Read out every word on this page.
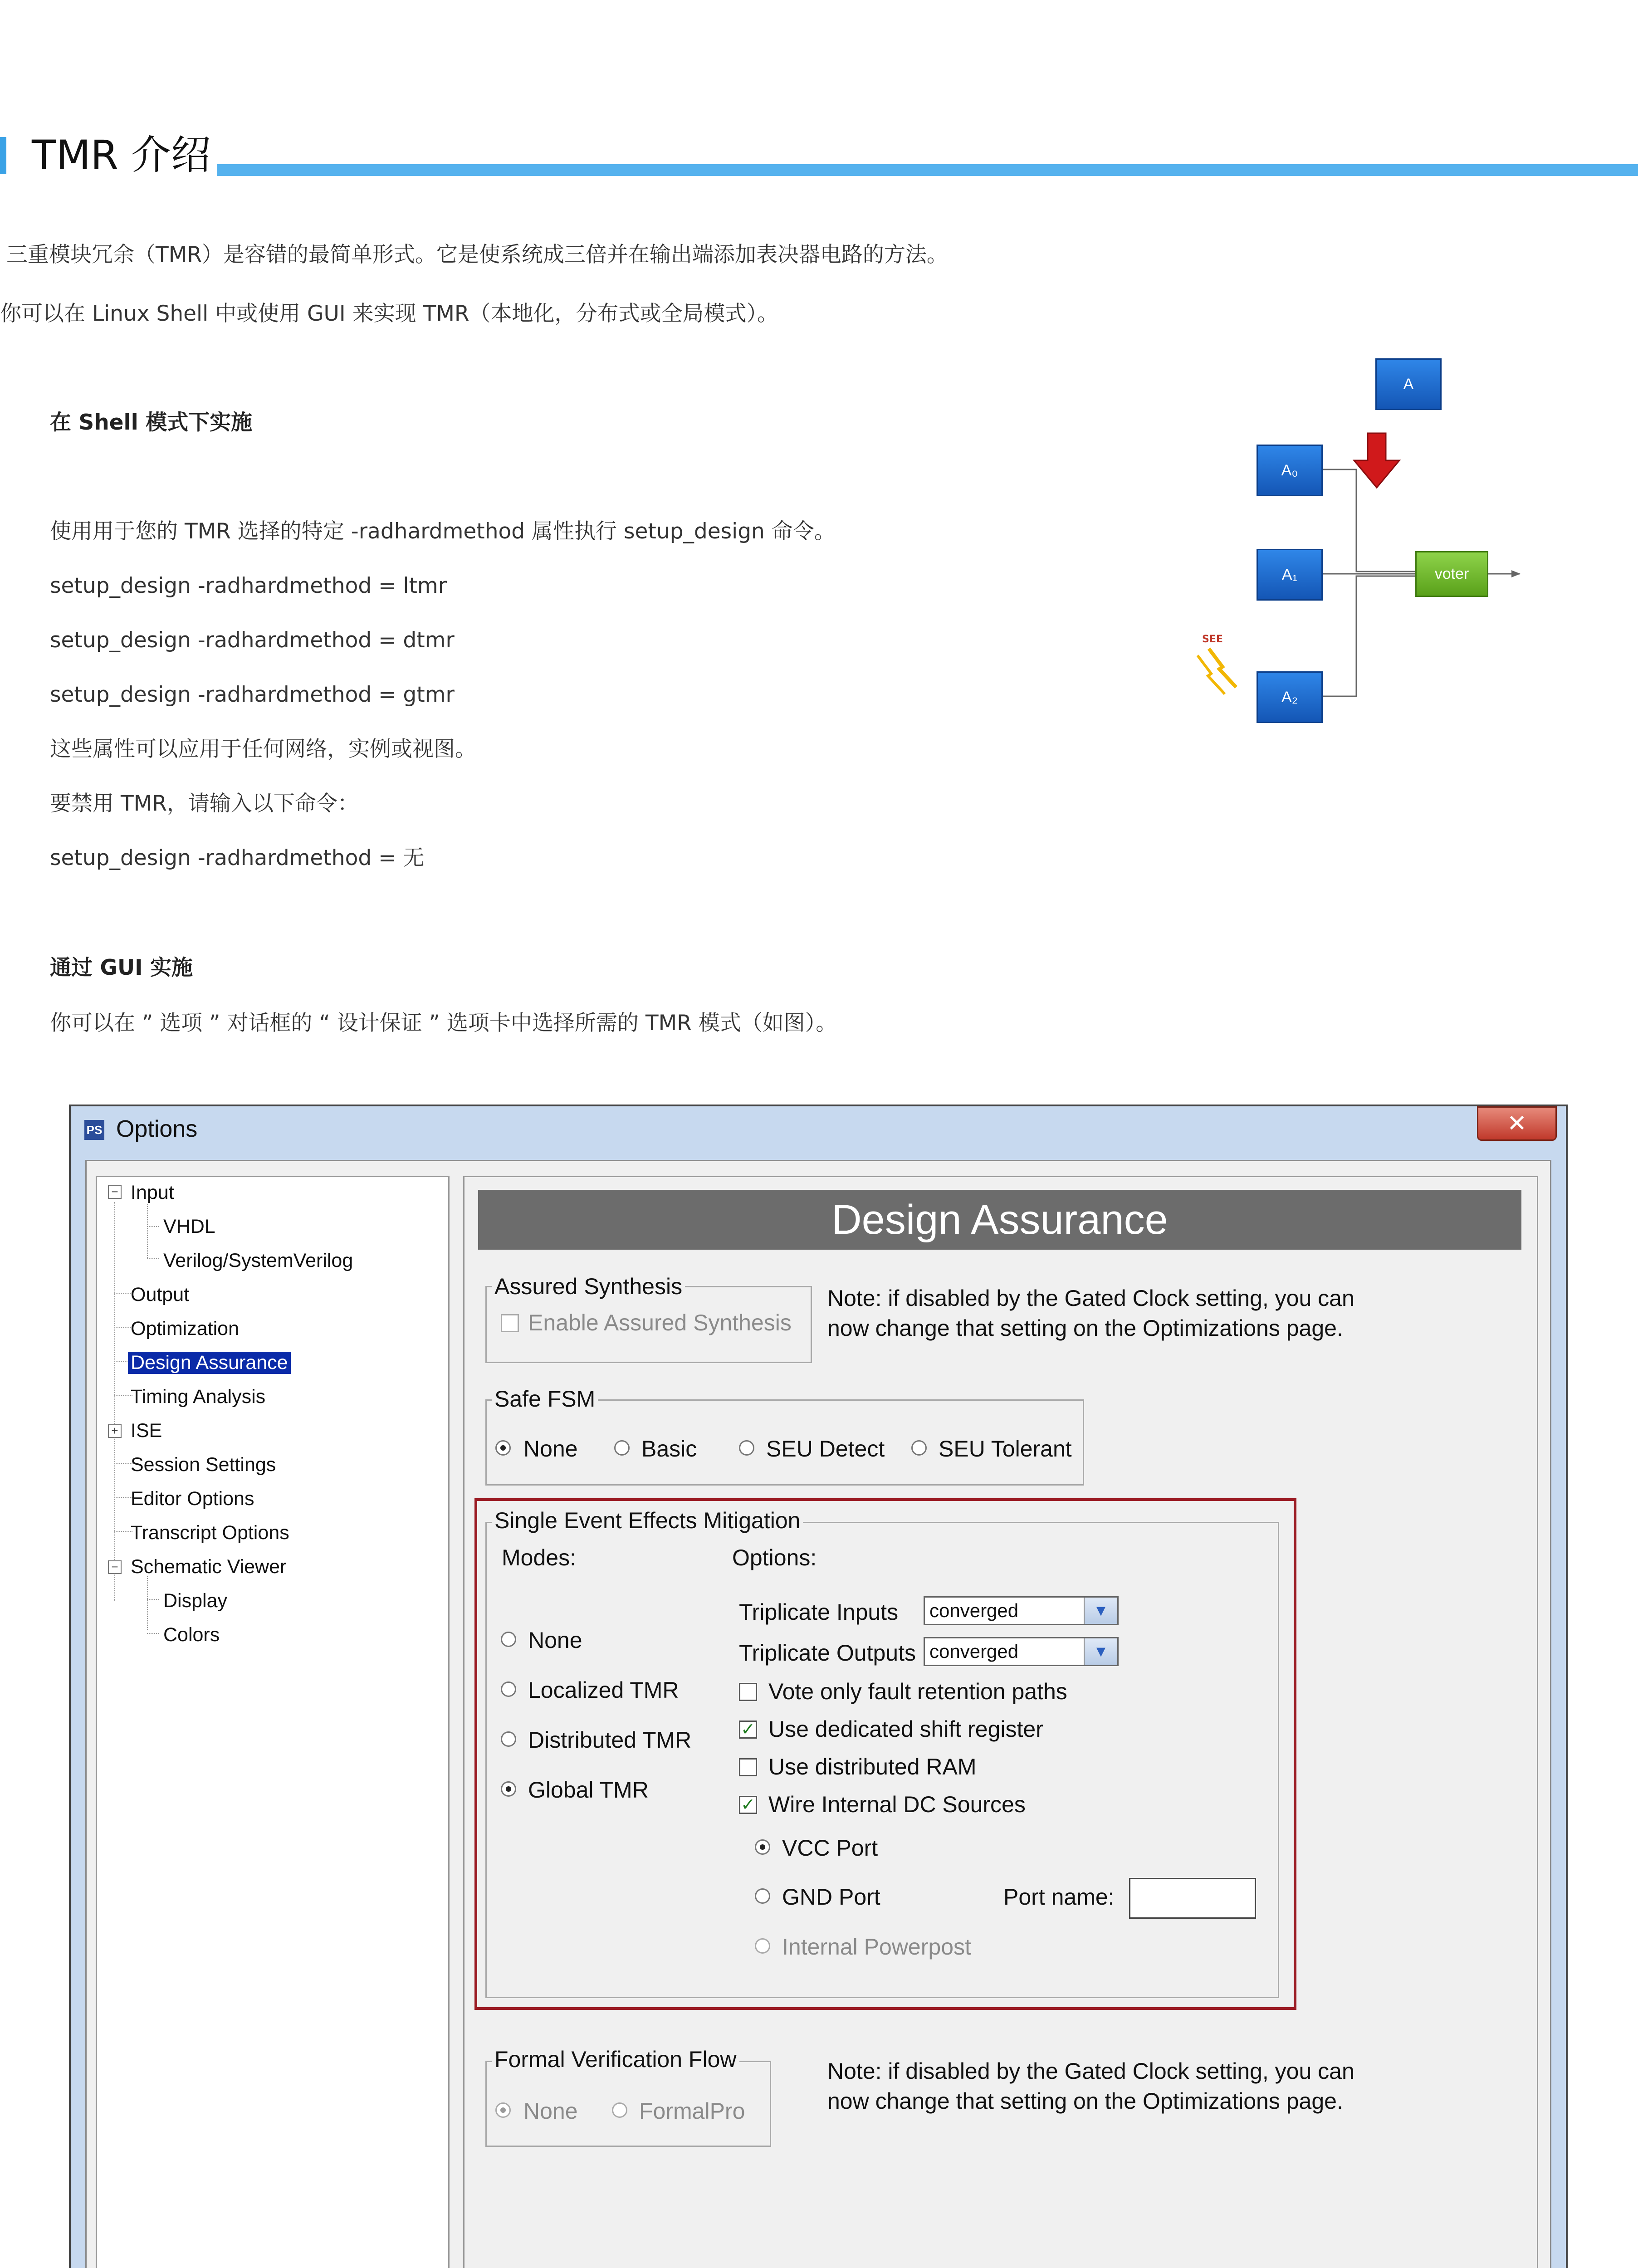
TMR 介绍
三重模块冗余（TMR）是容错的最简单形式。它是使系统成三倍并在输出端添加表决器电路的方法。
你可以在 Linux Shell 中或使用 GUI 来实现 TMR（本地化，分布式或全局模式）。
在 Shell 模式下实施
使用用于您的 TMR 选择的特定 -radhardmethod 属性执行 setup_design 命令。
setup_design -radhardmethod = ltmr
setup_design -radhardmethod = dtmr
setup_design -radhardmethod = gtmr
这些属性可以应用于任何网络，实例或视图。
要禁用 TMR，请输入以下命令：
setup_design -radhardmethod = 无
通过 GUI 实施
你可以在 ” 选项 ” 对话框的 “ 设计保证 ” 选项卡中选择所需的 TMR 模式（如图）。
A
A₀
A₁
A₂
voter
SEE
PS Options	✕
− Input
VHDL
Verilog/SystemVerilog
Output
Optimization
Design Assurance
Timing Analysis
+ ISE
Session Settings
Editor Options
Transcript Options
− Schematic Viewer
Display
Colors
Design Assurance
Assured Synthesis
Enable Assured Synthesis
Note: if disabled by the Gated Clock setting, you can
now change that setting on the Optimizations page.
Safe FSM
None	Basic	SEU Detect SEU Tolerant
Single Event Effects Mitigation
Modes:	Options:
None
Localized TMR
Distributed TMR
Global TMR
Triplicate Inputs	converged	▼
Triplicate Outputs converged	▼
Vote only fault retention paths
✓ Use dedicated shift register
Use distributed RAM
✓ Wire Internal DC Sources
VCC Port
GND Port	Port name:
Internal Powerpost
Formal Verification Flow
None	FormalPro
Note: if disabled by the Gated Clock setting, you can
now change that setting on the Optimizations page.
